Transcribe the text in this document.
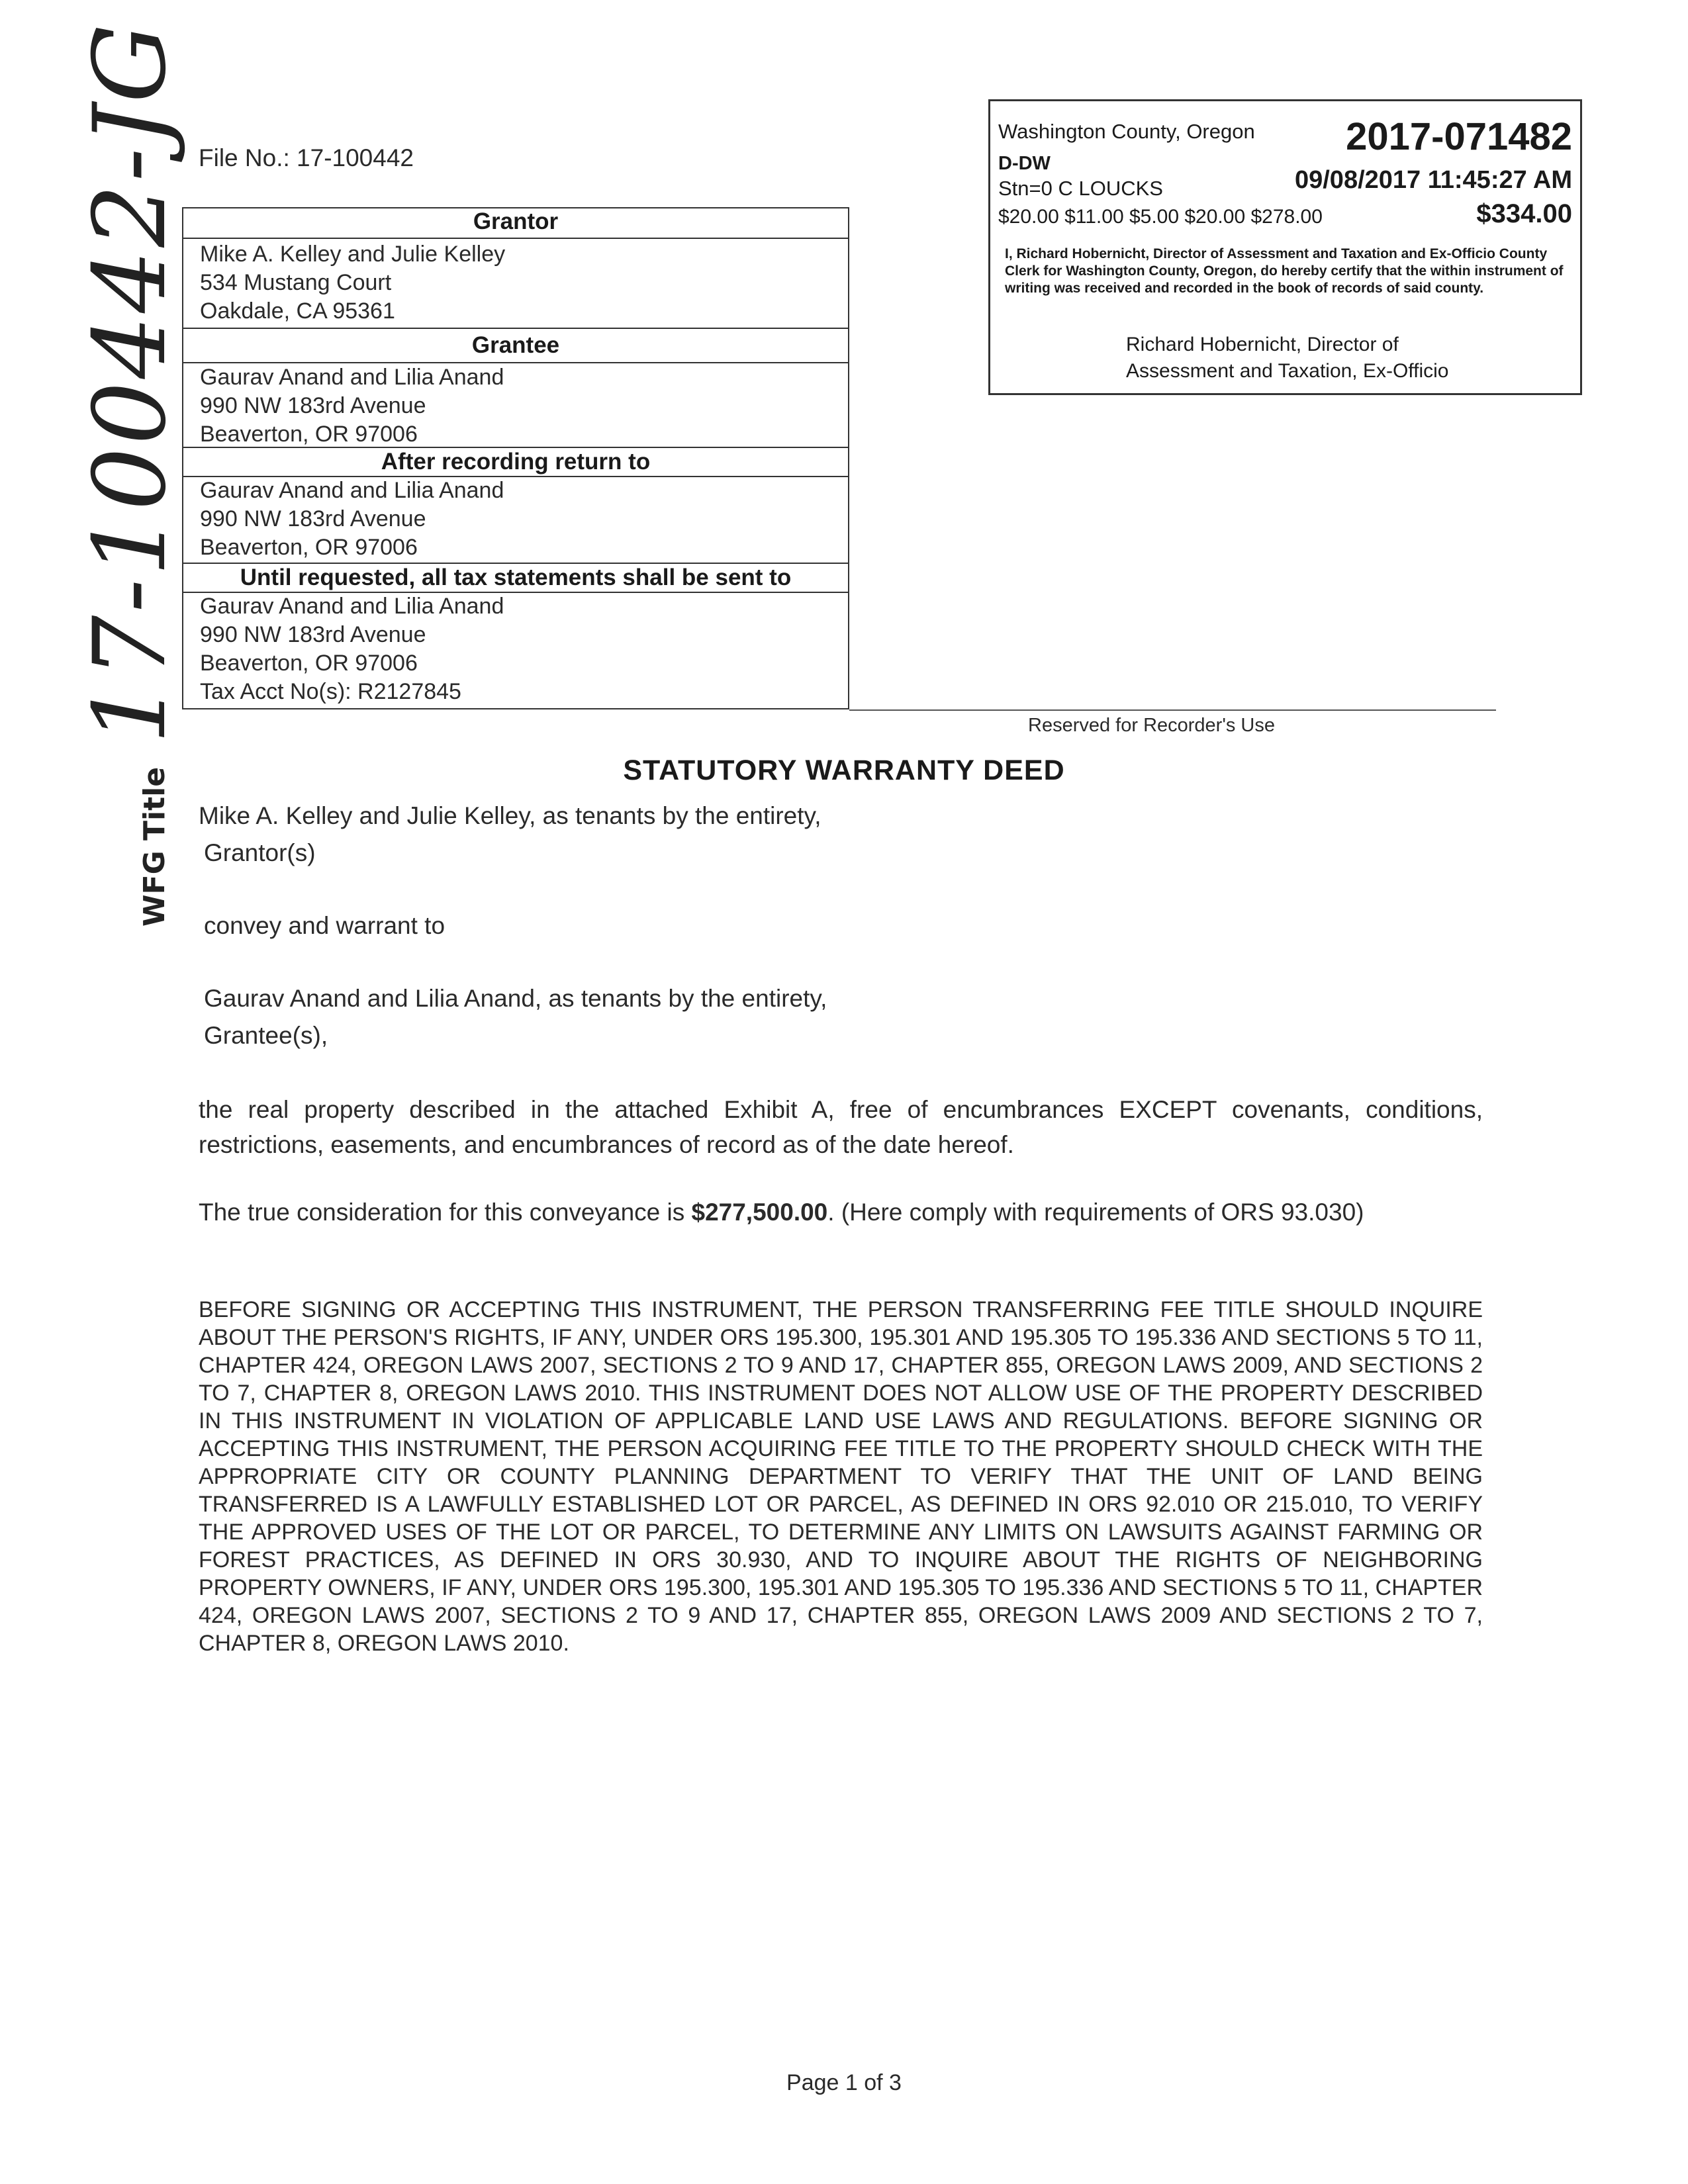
File No.: 17-100442
Grantor
Mike A. Kelley and Julie Kelley
534 Mustang Court
Oakdale, CA 95361
Grantee
Gaurav Anand and Lilia Anand
990 NW 183rd Avenue
Beaverton, OR 97006
After recording return to
Gaurav Anand and Lilia Anand
990 NW 183rd Avenue
Beaverton, OR 97006
Until requested, all tax statements shall be sent to
Gaurav Anand and Lilia Anand
990 NW 183rd Avenue
Beaverton, OR 97006
Tax Acct No(s): R2127845
Washington County, Oregon 2017-071482
D-DW
Stn=0 C LOUCKS	09/08/2017 11:45:27 AM
$20.00 $11.00 $5.00 $20.00 $278.00	$334.00
I, Richard Hobernicht, Director of Assessment and Taxation and Ex-Officio County Clerk for Washington County, Oregon, do hereby certify that the within instrument of writing was received and recorded in the book of records of said county.
Richard Hobernicht, Director of
Assessment and Taxation, Ex-Officio
Reserved for Recorder's Use
STATUTORY WARRANTY DEED
Mike A. Kelley and Julie Kelley, as tenants by the entirety,
Grantor(s)
convey and warrant to
Gaurav Anand and Lilia Anand, as tenants by the entirety,
Grantee(s),
the real property described in the attached Exhibit A, free of encumbrances EXCEPT covenants, conditions, restrictions, easements, and encumbrances of record as of the date hereof.
The true consideration for this conveyance is $277,500.00. (Here comply with requirements of ORS 93.030)
BEFORE SIGNING OR ACCEPTING THIS INSTRUMENT, THE PERSON TRANSFERRING FEE TITLE SHOULD INQUIRE ABOUT THE PERSON'S RIGHTS, IF ANY, UNDER ORS 195.300, 195.301 AND 195.305 TO 195.336 AND SECTIONS 5 TO 11, CHAPTER 424, OREGON LAWS 2007, SECTIONS 2 TO 9 AND 17, CHAPTER 855, OREGON LAWS 2009, AND SECTIONS 2 TO 7, CHAPTER 8, OREGON LAWS 2010. THIS INSTRUMENT DOES NOT ALLOW USE OF THE PROPERTY DESCRIBED IN THIS INSTRUMENT IN VIOLATION OF APPLICABLE LAND USE LAWS AND REGULATIONS. BEFORE SIGNING OR ACCEPTING THIS INSTRUMENT, THE PERSON ACQUIRING FEE TITLE TO THE PROPERTY SHOULD CHECK WITH THE APPROPRIATE CITY OR COUNTY PLANNING DEPARTMENT TO VERIFY THAT THE UNIT OF LAND BEING TRANSFERRED IS A LAWFULLY ESTABLISHED LOT OR PARCEL, AS DEFINED IN ORS 92.010 OR 215.010, TO VERIFY THE APPROVED USES OF THE LOT OR PARCEL, TO DETERMINE ANY LIMITS ON LAWSUITS AGAINST FARMING OR FOREST PRACTICES, AS DEFINED IN ORS 30.930, AND TO INQUIRE ABOUT THE RIGHTS OF NEIGHBORING PROPERTY OWNERS, IF ANY, UNDER ORS 195.300, 195.301 AND 195.305 TO 195.336 AND SECTIONS 5 TO 11, CHAPTER 424, OREGON LAWS 2007, SECTIONS 2 TO 9 AND 17, CHAPTER 855, OREGON LAWS 2009 AND SECTIONS 2 TO 7, CHAPTER 8, OREGON LAWS 2010.
WFG Title 17-100442-JG
Page 1 of 3
